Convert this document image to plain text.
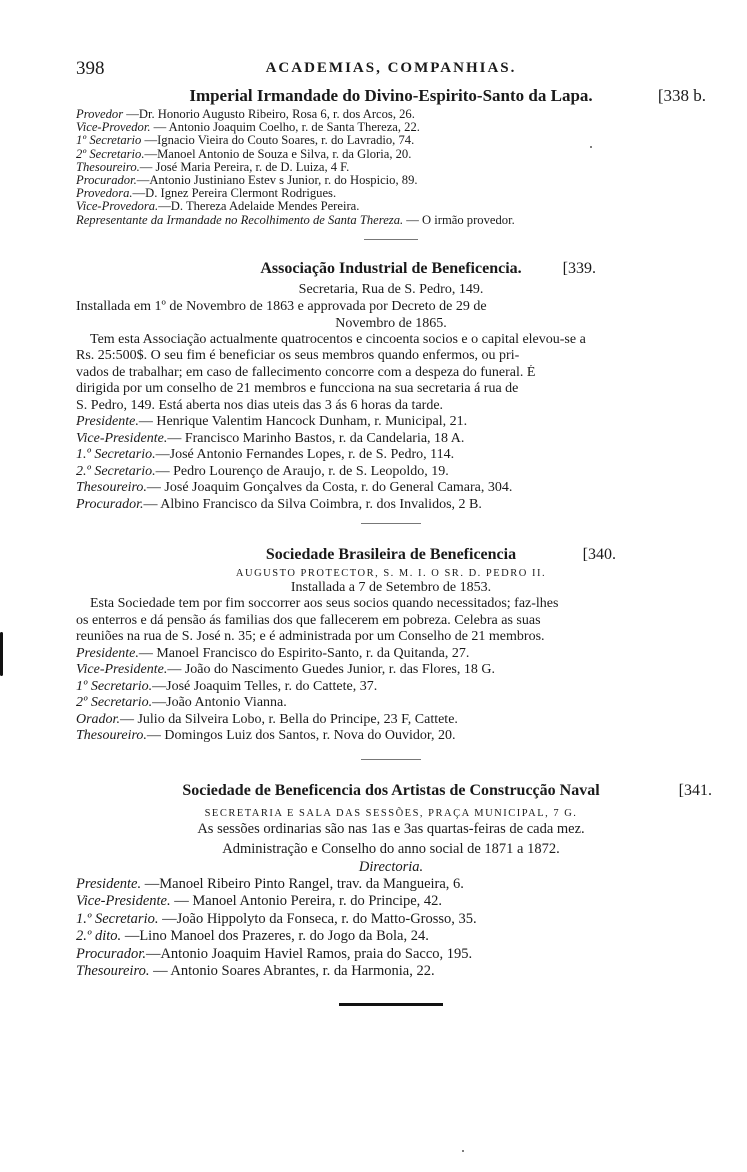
398	ACADEMIAS, COMPANHIAS.
Imperial Irmandade do Divino-Espirito-Santo da Lapa.	[338 b.
Provedor —Dr. Honorio Augusto Ribeiro, Rosa 6, r. dos Arcos, 26.
Vice-Provedor. — Antonio Joaquim Coelho, r. de Santa Thereza, 22.
1º Secretario —Ignacio Vieira do Couto Soares, r. do Lavradio, 74.
2º Secretario.—Manoel Antonio de Souza e Silva, r. da Gloria, 20.
Thesoureiro.— José Maria Pereira, r. de D. Luiza, 4 F.
Procurador.—Antonio Justiniano Estev s Junior, r. do Hospicio, 89.
Provedora.—D. Ignez Pereira Clermont Rodrigues.
Vice-Provedora.—D. Thereza Adelaide Mendes Pereira.
Representante da Irmandade no Recolhimento de Santa Thereza. — O irmão provedor.
Associação Industrial de Beneficencia.	[339.
Secretaria, Rua de S. Pedro, 149.

Installada em 1º de Novembro de 1863 e approvada por Decreto de 29 de

Novembro de 1865.
Tem esta Associação actualmente quatrocentos e cincoenta socios e o capital elevou-se a
Rs. 25:500$. O seu fim é beneficiar os seus membros quando enfermos, ou pri-
vados de trabalhar; em caso de fallecimento concorre com a despeza do funeral. É
dirigida por um conselho de 21 membros e funcciona na sua secretaria á rua de
S. Pedro, 149. Está aberta nos dias uteis das 3 ás 6 horas da tarde.
Presidente.— Henrique Valentim Hancock Dunham, r. Municipal, 21.
Vice-Presidente.— Francisco Marinho Bastos, r. da Candelaria, 18 A.
1.º Secretario.—José Antonio Fernandes Lopes, r. de S. Pedro, 114.
2.º Secretario.— Pedro Lourenço de Araujo, r. de S. Leopoldo, 19.
Thesoureiro.— José Joaquim Gonçalves da Costa, r. do General Camara, 304.
Procurador.— Albino Francisco da Silva Coimbra, r. dos Invalidos, 2 B.
Sociedade Brasileira de Beneficencia	[340.
AUGUSTO PROTECTOR, S. M. I. O SR. D. PEDRO II.
Installada a 7 de Setembro de 1853.
Esta Sociedade tem por fim soccorrer aos seus socios quando necessitados; faz-lhes
os enterros e dá pensão ás familias dos que fallecerem em pobreza. Celebra as suas
reuniões na rua de S. José n. 35; e é administrada por um Conselho de 21 membros.
Presidente.— Manoel Francisco do Espirito-Santo, r. da Quitanda, 27.
Vice-Presidente.— João do Nascimento Guedes Junior, r. das Flores, 18 G.
1º Secretario.—José Joaquim Telles, r. do Cattete, 37.
2º Secretario.—João Antonio Vianna.
Orador.— Julio da Silveira Lobo, r. Bella do Principe, 23 F, Cattete.
Thesoureiro.— Domingos Luiz dos Santos, r. Nova do Ouvidor, 20.
Sociedade de Beneficencia dos Artistas de Construcção Naval	[341.
SECRETARIA E SALA DAS SESSÕES, PRAÇA MUNICIPAL, 7 G.
As sessões ordinarias são nas 1as e 3as quartas-feiras de cada mez.
Administração e Conselho do anno social de 1871 a 1872.
Directoria.
Presidente. —Manoel Ribeiro Pinto Rangel, trav. da Mangueira, 6.
Vice-Presidente. — Manoel Antonio Pereira, r. do Principe, 42.
1.º Secretario. —João Hippolyto da Fonseca, r. do Matto-Grosso, 35.
2.º dito. —Lino Manoel dos Prazeres, r. do Jogo da Bola, 24.
Procurador.—Antonio Joaquim Haviel Ramos, praia do Sacco, 195.
Thesoureiro. — Antonio Soares Abrantes, r. da Harmonia, 22.
